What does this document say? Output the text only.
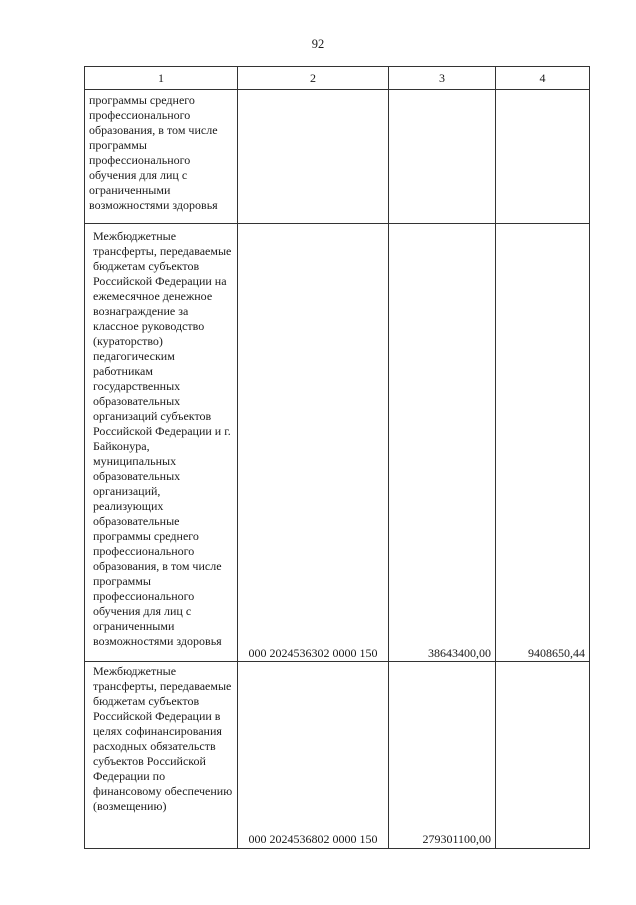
92
1	2	3	4

программы среднего профессионального образования, в том числе программы профессионального обучения для лиц с ограниченными возможностями здоровья			

Межбюджетные трансферты, передаваемые бюджетам субъектов Российской Федерации на ежемесячное денежное вознаграждение за классное руководство (кураторство) педагогическим работникам государственных образовательных организаций субъектов Российской Федерации и г. Байконура, муниципальных образовательных организаций, реализующих образовательные программы среднего профессионального образования, в том числе программы профессионального обучения для лиц с ограниченными возможностями здоровья	000 2024536302 0000 150	38643400,00	9408650,44

Межбюджетные трансферты, передаваемые бюджетам субъектов Российской Федерации в целях софинансирования расходных обязательств субъектов Российской Федерации по финансовому обеспечению (возмещению)	000 2024536802 0000 150	279301100,00	
